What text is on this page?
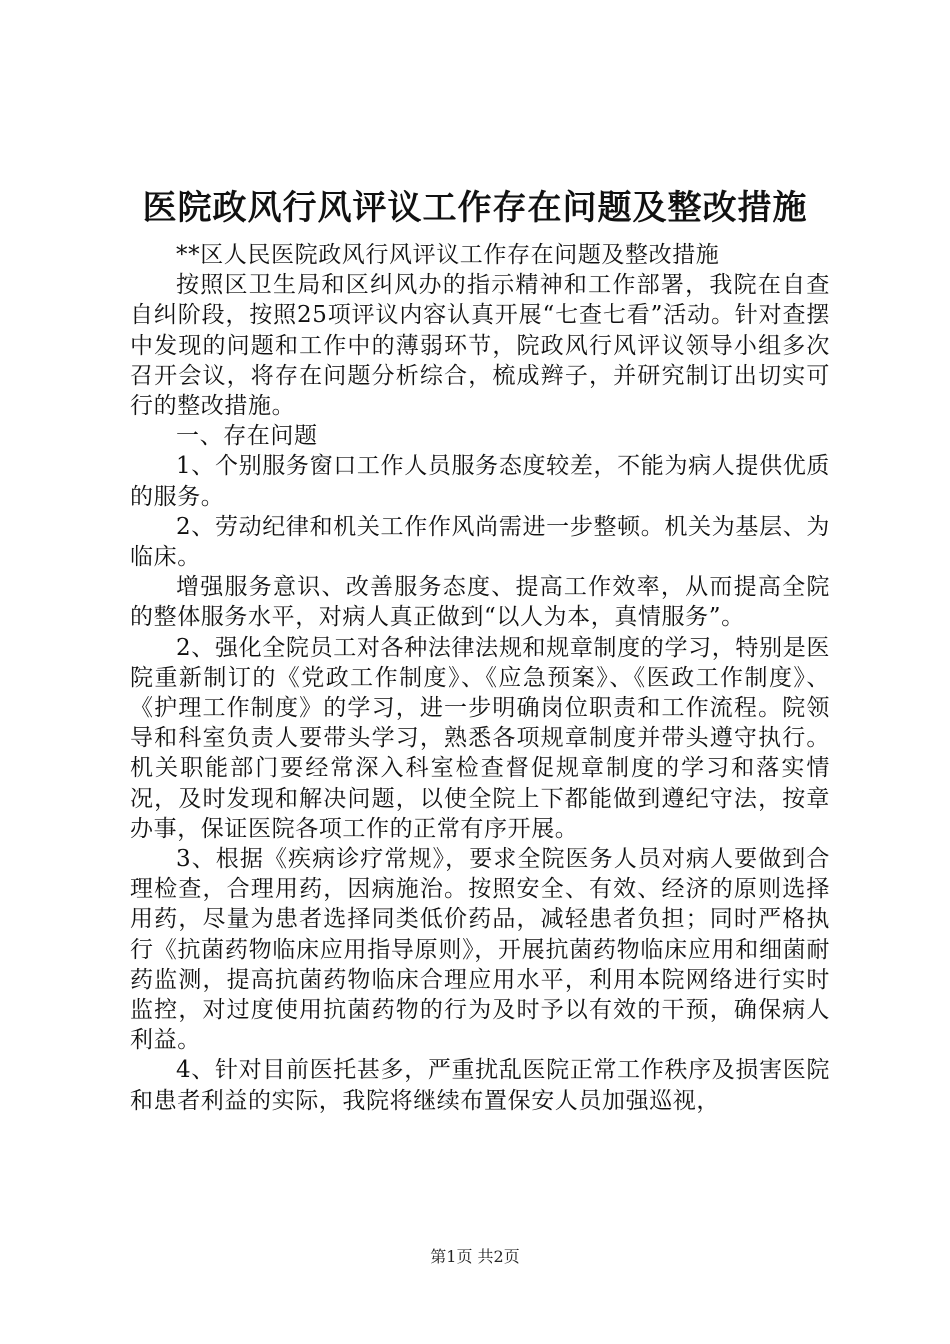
医院政风行风评议工作存在问题及整改措施

**区人民医院政风行风评议工作存在问题及整改措施

按照区卫生局和区纠风办的指示精神和工作部署，我院在自查自纠阶段，按照25项评议内容认真开展“七查七看”活动。针对查摆中发现的问题和工作中的薄弱环节，院政风行风评议领导小组多次召开会议，将存在问题分析综合，梳成辫子，并研究制订出切实可行的整改措施。

一、存在问题

1、个别服务窗口工作人员服务态度较差，不能为病人提供优质的服务。

2、劳动纪律和机关工作作风尚需进一步整顿。机关为基层、为临床。

增强服务意识、改善服务态度、提高工作效率，从而提高全院的整体服务水平，对病人真正做到“以人为本，真情服务”。

2、强化全院员工对各种法律法规和规章制度的学习，特别是医院重新制订的《党政工作制度》、《应急预案》、《医政工作制度》、《护理工作制度》的学习，进一步明确岗位职责和工作流程。院领导和科室负责人要带头学习，熟悉各项规章制度并带头遵守执行。机关职能部门要经常深入科室检查督促规章制度的学习和落实情况，及时发现和解决问题，以使全院上下都能做到遵纪守法，按章办事，保证医院各项工作的正常有序开展。

3、根据《疾病诊疗常规》，要求全院医务人员对病人要做到合理检查，合理用药，因病施治。按照安全、有效、经济的原则选择用药，尽量为患者选择同类低价药品，减轻患者负担；同时严格执行《抗菌药物临床应用指导原则》，开展抗菌药物临床应用和细菌耐药监测，提高抗菌药物临床合理应用水平，利用本院网络进行实时监控，对过度使用抗菌药物的行为及时予以有效的干预，确保病人利益。

4、针对目前医托甚多，严重扰乱医院正常工作秩序及损害医院和患者利益的实际，我院将继续布置保安人员加强巡视，

第1页 共2页
